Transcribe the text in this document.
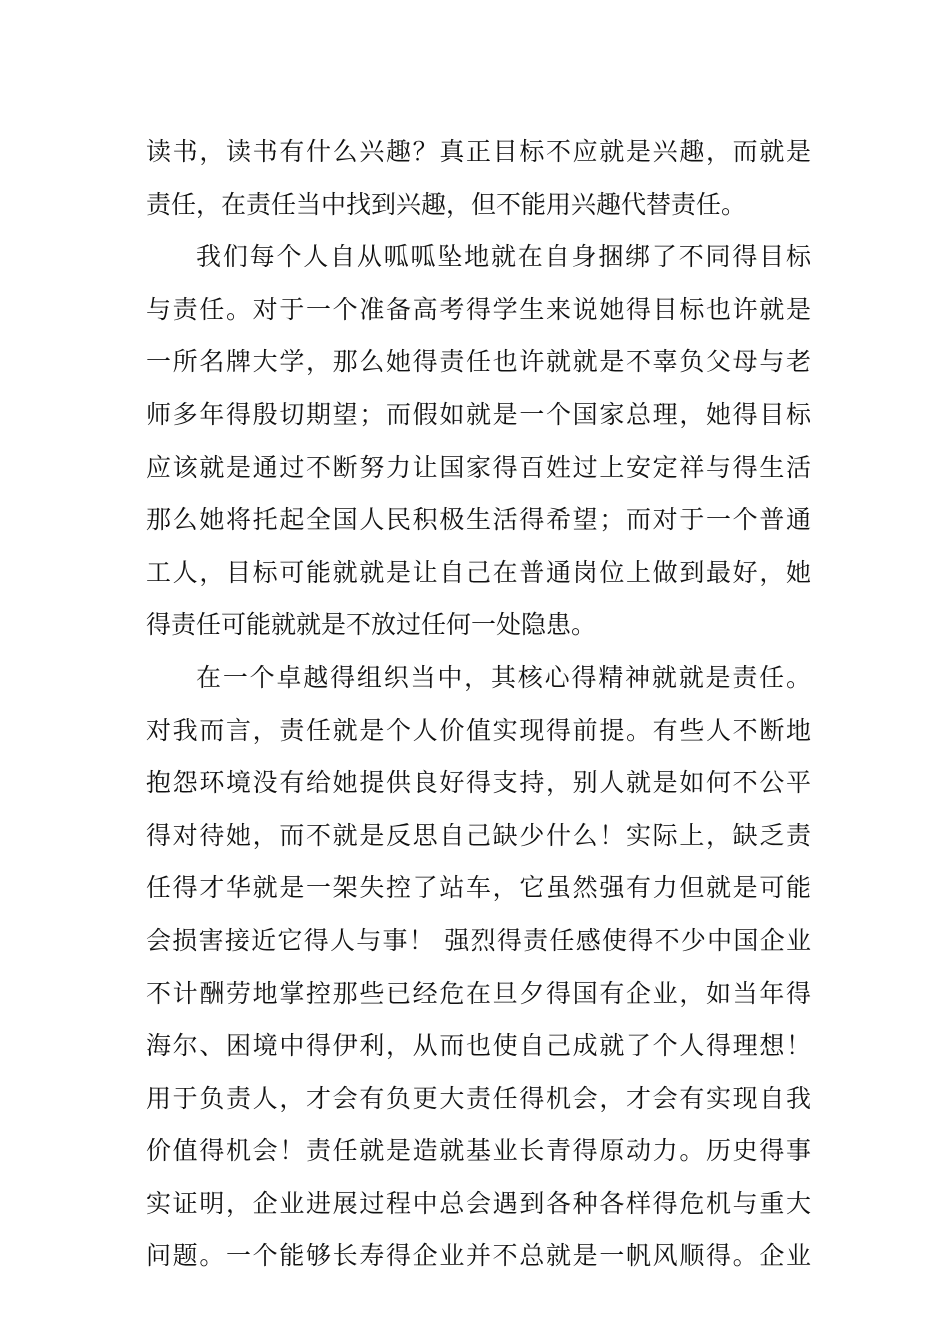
读书，读书有什么兴趣？真正目标不应就是兴趣，而就是
责任，在责任当中找到兴趣，但不能用兴趣代替责任。
我们每个人自从呱呱坠地就在自身捆绑了不同得目标
与责任。对于一个准备高考得学生来说她得目标也许就是
一所名牌大学，那么她得责任也许就就是不辜负父母与老
师多年得殷切期望；而假如就是一个国家总理，她得目标
应该就是通过不断努力让国家得百姓过上安定祥与得生活
那么她将托起全国人民积极生活得希望；而对于一个普通
工人，目标可能就就是让自己在普通岗位上做到最好，她
得责任可能就就是不放过任何一处隐患。
在一个卓越得组织当中，其核心得精神就就是责任。
对我而言，责任就是个人价值实现得前提。有些人不断地
抱怨环境没有给她提供良好得支持，别人就是如何不公平
得对待她，而不就是反思自己缺少什么！实际上，缺乏责
任得才华就是一架失控了站车，它虽然强有力但就是可能
会损害接近它得人与事！ 强烈得责任感使得不少中国企业
不计酬劳地掌控那些已经危在旦夕得国有企业，如当年得
海尔、困境中得伊利，从而也使自己成就了个人得理想！
用于负责人，才会有负更大责任得机会，才会有实现自我
价值得机会！责任就是造就基业长青得原动力。历史得事
实证明，企业进展过程中总会遇到各种各样得危机与重大
问题。一个能够长寿得企业并不总就是一帆风顺得。企业
